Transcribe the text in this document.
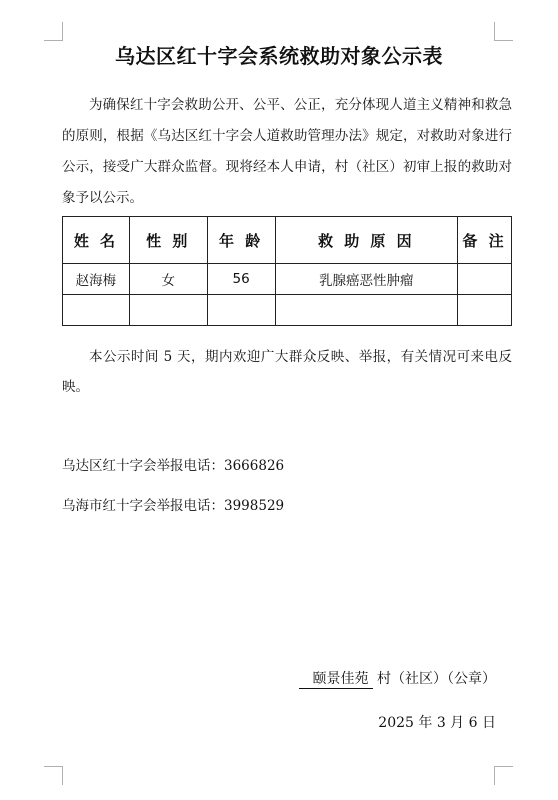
乌达区红十字会系统救助对象公示表

为确保红十字会救助公开、公平、公正，充分体现人道主义精神和救急的原则，根据《乌达区红十字会人道救助管理办法》规定，对救助对象进行公示，接受广大群众监督。现将经本人申请，村（社区）初审上报的救助对象予以公示。

姓 名	性 别	年 龄	救 助 原 因	备 注
赵海梅	女	56	乳腺癌恶性肿瘤	

本公示时间 5 天，期内欢迎广大群众反映、举报，有关情况可来电反映。

乌达区红十字会举报电话：3666826
乌海市红十字会举报电话：3998529
颐景佳苑 村（社区）（公章）
2025 年 3 月 6 日
